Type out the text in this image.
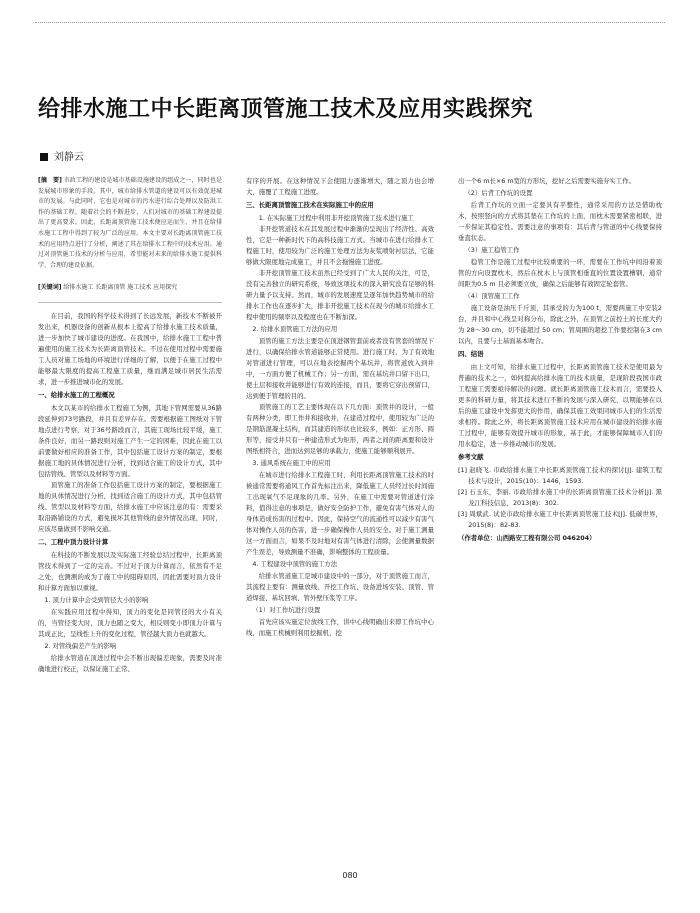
给排水施工中长距离顶管施工技术及应用实践探究
刘静云
[摘　要] 市政工程的建设是城市基础设施建设的组成之一，同时也是发展城市形象的手段。其中，城市给排水管道的建设可以有效促进城市的发展。与此同时，它也是对城市的污水进行综合处理以及防洪工作的基础工程。随着社会的不断进步，人们对城市的基础工程建设提出了更高要求。因此，长距离顶管施工技术便应运而生，并且在给排水施工工程中得到了较为广泛的应用。本文主要对长距离顶管施工技术的应用特点进行了分析，阐述了其在给排水工程中的技术应用。通过对顶管施工技术的分析与应用，希望能对未来的给排水施工提供科学、合理的建设依据。
[关键词] 给排水施工 长距离顶管 施工技术 应用探究

在目前，我国的科学技术得到了长远发展，新技术不断被开发出来，机器设备的创新从根本上提高了给排水施工技术质量，进一步加快了城市建设的进度。在我国中，给排水施工工程中普遍使用的施工技术为长距离顶管技术。不过在使用过程中需要施工人员对施工场地的环境进行详细的了解，以便于在施工过程中能够最大限度的提高工程施工质量，继而满足城市居民生活需求，进一步推进城市化的发展。

一、给排水施工的工程概况

本文以某市的给排水工程施工为例，其地下管网需要从36路段延伸到73号路段，并且有差异存在。需要根据施工图纸对下管地点进行考察，对于36号路段而言，其施工现场比较平缓，施工条件良好，而另一路段则对施工产生一定的困难，因此在施工以前要做好相应的准备工作，其中包括施工设计方案的制定，要根据施工地的具体情况进行分析，找到适合施工的设计方式，其中包括管线、管型以及材料等方面。

顶管施工的准备工作包括施工设计方案的制定，要根据施工地的具体情况进行分析，找到适合施工的设计方式，其中包括管线、管型以及材料等方面，给排水施工中应该注意的有：需要采取沿路铺设的方式，避免损坏其他管线的意外情况出现，同时，应该尽量做到不影响交通。

二、工程中顶力设计计算

在科技的不断发展以及实际施工经验总结过程中，长距离顶管技术得到了一定的完善。不过对于顶力计算而言，依然有不足之处，也测测的成为了施工中的阻碍原因，因此需要对顶力设计和计算方面加以重视。

1. 顶力计算中会受到管径大小的影响

在实践应用过程中得知，顶力的变化是同管径的大小有关的，当管径变大时，顶力也随之变大，相反则变小即顶力计算与其成正比，呈线性上升的变化过程，管径越大顶力也就越大。

2. 对管线偏差产生的影响

给排水管道在顶进过程中会不断出现偏差现象，需要及时准确地进行校正，以保证施工正常、

有序的开展。在这种情况下会使阻力逐渐增大，随之顶力也会增大，施覆了工程施工进度。

三、长距离顶管施工技术在实际施工中的应用

1. 在实际施工过程中利用非开挖顶管施工技术进行施工

非开挖管道技术在其发展过程中渐渐的呈现出了经济性、高效性，它是一种新时代下的高科技施工方式。当城市在进行给排水工程施工时，使用较为广泛的施工处理方法为灰浆喷射衬层法，它能够做大限度地完成施工，并且不会拖慢施工进度。

非开挖顶管施工技术虽然已经受到了广大人民的关注，可是，没有完善独立的研究系统，导致这项技术的深入研究没有足够的科研力量予以支持。然而，城市的发展速度呈逐年加快趋势城市的给排水工作也在逐步扩大，排非开挖施工技术在现今的城市给排水工程中使用的频率以及程度也在不断加深。

2. 给排水顶管施工方法的应用

顶管的施工方法主要是在顶进钢管套前或者没有管套的情况下进行，以确保给排水管道能够正常使用。进行施工时，为了有效地对管道进行管理，可以在地表挖掘两个基坑井，将管道放入到井中，一方面方便了机械工作；另一方面，需在基坑井口留下出口，使土层和接收井能够进行有效的连接，而且，要将它穿出预留口，达到便于管理的目的。

顶管施工的工艺主要体现在以下几方面：顶管井的设计，一般有两种分类，即工作井和接收井，在建造过程中，使用较为广泛的是钢筋混凝土结构，而其建造的形状也比较多，例如：正方形、圆形等，接受井只有一种建造形式为矩形，两者之间的距离要和设计图纸相符合，进而达到足够的承载力，使施工能够顺利展开。

3. 通风系统在施工中的应用

在城市进行给排水工程施工时，利用长距离顶管施工技术的时候通常需要将通风工作首先标注出来，降低施工人员经过长时间施工出现氧气不足现象的几率。另外，在施工中需要对管道进行涂料，值得注意的事项是，做好安全防护工作，避免有害气体对人的身体造成伤害的过程中。因此，保持空气的流通性可以减少有害气体对操作人员的伤害，进一步确保操作人员的安全。对于施工测量这一方面而言，如果不及时地对有害气体进行清除，会使测量数据产生误差，导致测量不准确，影响整体的工程质量。

4. 工程建设中顶管的施工方法

给排水管道施工是城市建设中的一部分，对于顶管施工而言，其流程主要有：测量放线、开挖工作坑、设备进场安装、顶管、管道焊接、基坑回填、管外壁压浆等工序。

（1）对工作坑进行设置

首先应该实施定位放线工作，讲中心线明确出来即工作坑中心线，而施工机械则利用挖掘机，挖

出一个6 m长×6 m宽的方形坑，挖好之后需要实施夯实工作。

（2）后背工作坑的设置

后背工作坑的立面一定要具有平整性，通常采用的方法是借助枕木，按照竖向的方式将其垫在工作坑的上面，而枕木需要紧密相联，进一步保证其稳定性。需要注意的事项有：其后背与管道的中心线要保持垂直状态。

（3）施工稳管工作

稳管工作是施工过程中比较重要的一环，需要在工作坑中间沿着顶管的方向设置枕木，然后在枕木上与顶管相垂直的位置设置槽钢，通常间距为0.5 m 且必须要立放，确保之后能够有效固定轮套管。

（4）顶管施工工作

施工设备是油压千斤顶，其承受的力为100 t，需要两施工中安装2台，并且和中心线呈对称分布，除此之外，在顶管之前控土的长度大约为 28～30 cm，切不能超过 50 cm；管周围的超挖工作要控制在3 cm以内，且要与土基面基本吻合。

四、结语

由上文可知，给排水施工过程中，长距离顶管施工技术是使用最为普遍的技术之一，如何提高给排水施工的技术质量，是现阶段我国市政工程施工需要亟待解决的问题。就长距离顶管施工技术而言，需要投入更多的科研力量，将其技术进行不断的发展与深入研究，以期能够在以后的施工建设中发挥更大的作用，确保其施工效果同城市人们的生活需求相符。除此之外，将长距离顶管施工技术应用在城市建设的给排水施工过程中，能够有效提升城市的形象，基于此，才能够保障城市人们的用水稳定，进一步推动城市的发展。

参考文献

[1] 赵晓飞. 市政给排水施工中长距离顶管施工技术的探讨[J]. 建筑工程技术与设计，2015(10)：1446，1593.

[2] 石玉东，李丽. 市政给排水施工中的长距离顶管施工技术分析[J]. 黑龙江科技信息，2013(8)：302.

[3] 周斌武. 试论市政给排水施工中长距离顶管施工技术[J]. 低碳世界，2015(8)：82-83.

（作者单位：山西路安工程有限公司 046204）

080
